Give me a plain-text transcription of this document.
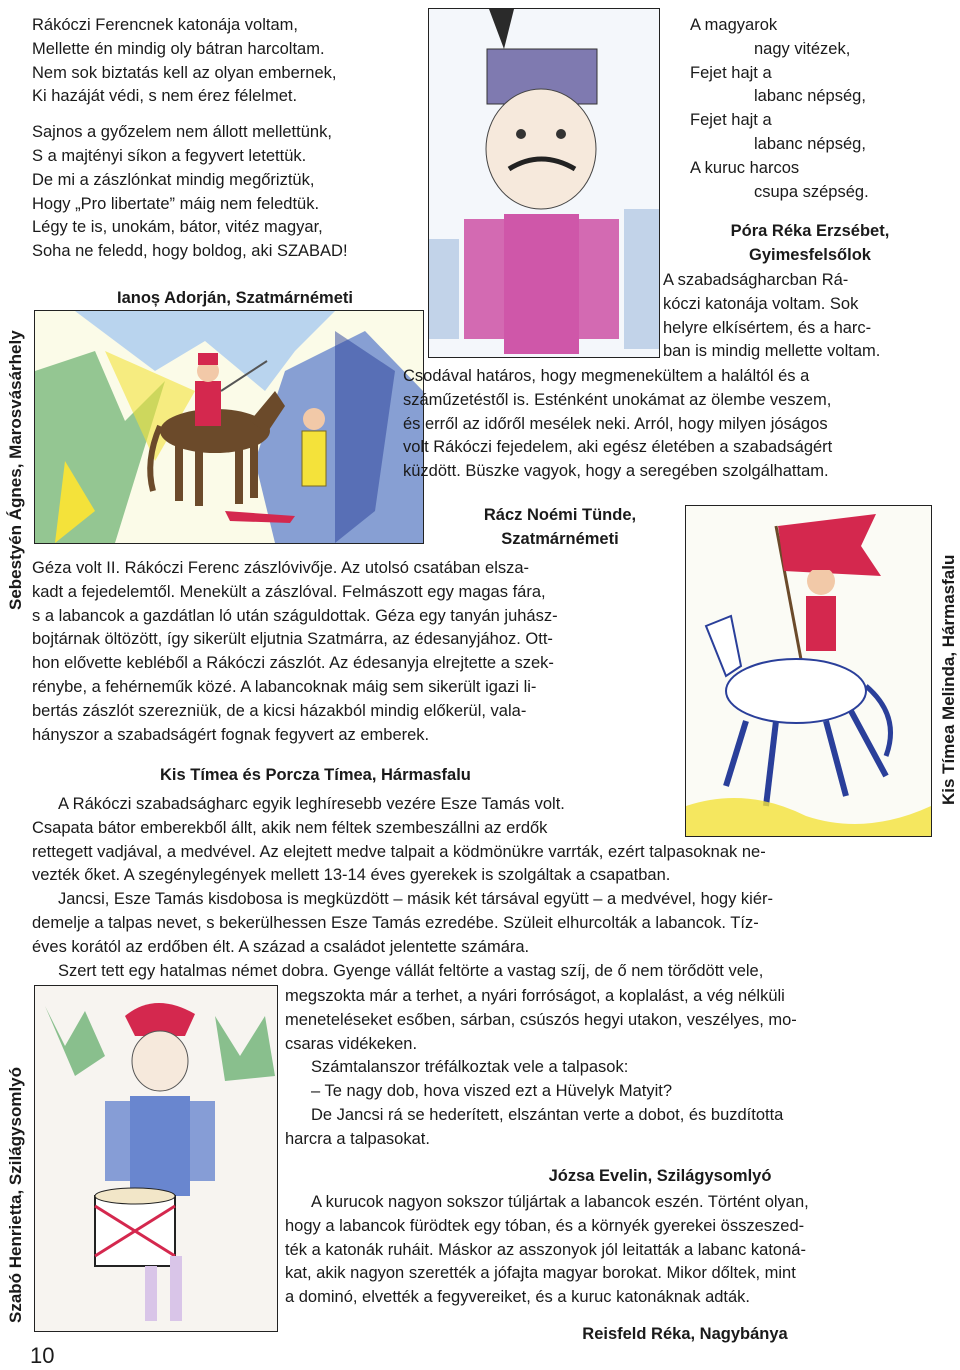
Sebestyén Ágnes, Marosvásárhely
Szabó Henrietta, Szilágysomlyó
Kis Tímea Melinda, Hármasfalu
Rákóczi Ferencnek katonája voltam,
Mellette én mindig oly bátran harcoltam.
Nem sok biztatás kell az olyan embernek,
Ki hazáját védi, s nem érez félelmet.
Sajnos a győzelem nem állott mellettünk,
S a majtényi síkon a fegyvert letettük.
De mi a zászlónkat mindig megőriztük,
Hogy „Pro libertate” máig nem feledtük.
Légy te is, unokám, bátor, vitéz magyar,
Soha ne feledd, hogy boldog, aki SZABAD!
Ianoș Adorján, Szatmárnémeti
A magyarok
nagy vitézek,
Fejet hajt a
labanc népség,
Fejet hajt a
labanc népség,
A kuruc harcos
csupa szépség.
Póra Réka Erzsébet,
Gyimesfelsőlok
A szabadságharcban Rá-
kóczi katonája voltam. Sok
helyre elkísértem, és a harc-
ban is mindig mellette voltam.
Csodával határos, hogy megmenekültem a haláltól és a
száműzetéstől is. Esténként unokámat az ölembe veszem,
és erről az időről mesélek neki. Arról, hogy milyen jóságos
volt Rákóczi fejedelem, aki egész életében a szabadságért
küzdött. Büszke vagyok, hogy a seregében szolgálhattam.
Rácz Noémi Tünde,
Szatmárnémeti
Géza volt II. Rákóczi Ferenc zászlóvivője. Az utolsó csatában elsza-
kadt a fejedelemtől. Menekült a zászlóval. Felmászott egy magas fára,
s a labancok a gazdátlan ló után száguldottak. Géza egy tanyán juhász-
bojtárnak öltözött, így sikerült eljutnia Szatmárra, az édesanyjához. Ott-
hon elővette kebléből a Rákóczi zászlót. Az édesanyja elrejtette a szek-
rénybe, a fehérneműk közé. A labancoknak máig sem sikerült igazi li-
bertás zászlót szerezniük, de a kicsi házakból mindig előkerül, vala-
hányszor a szabadságért fognak fegyvert az emberek.
Kis Tímea és Porcza Tímea, Hármasfalu
A Rákóczi szabadságharc egyik leghíresebb vezére Esze Tamás volt.
Csapata bátor emberekből állt, akik nem féltek szembeszállni az erdők
rettegett vadjával, a medvével. Az elejtett medve talpait a ködmönükre varrták, ezért talpasoknak ne-
vezték őket. A szegénylegények mellett 13-14 éves gyerekek is szolgáltak a csapatban.
Jancsi, Esze Tamás kisdobosa is megküzdött – másik két társával együtt – a medvével, hogy kiér-
demelje a talpas nevet, s bekerülhessen Esze Tamás ezredébe. Szüleit elhurcolták a labancok. Tíz-
éves korától az erdőben élt. A század a családot jelentette számára.
Szert tett egy hatalmas német dobra. Gyenge vállát feltörte a vastag szíj, de ő nem törődött vele,
megszokta már a terhet, a nyári forróságot, a koplalást, a vég nélküli
meneteléseket esőben, sárban, csúszós hegyi utakon, veszélyes, mo-
csaras vidékeken.
Számtalanszor tréfálkoztak vele a talpasok:
– Te nagy dob, hova viszed ezt a Hüvelyk Matyit?
De Jancsi rá se hederített, elszántan verte a dobot, és buzdította
harcra a talpasokat.
Józsa Evelin, Szilágysomlyó
A kurucok nagyon sokszor túljártak a labancok eszén. Történt olyan,
hogy a labancok fürödtek egy tóban, és a környék gyerekei összeszed-
ték a katonák ruháit. Máskor az asszonyok jól leitatták a labanc katoná-
kat, akik nagyon szerették a jófajta magyar borokat. Mikor dőltek, mint
a dominó, elvették a fegyvereiket, és a kuruc katonáknak adták.
Reisfeld Réka, Nagybánya
10
